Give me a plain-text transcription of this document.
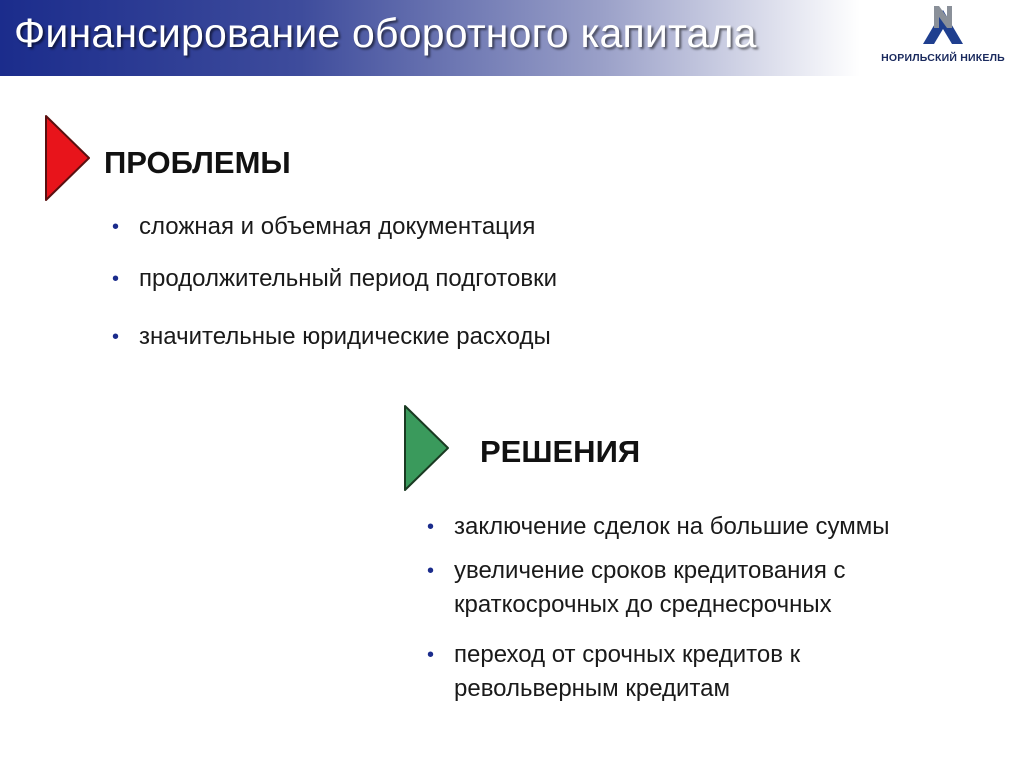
Финансирование оборотного капитала
НОРИЛЬСКИЙ НИКЕЛЬ
ПРОБЛЕМЫ
• сложная и объемная документация
• продолжительный период подготовки
• значительные юридические расходы
РЕШЕНИЯ
• заключение сделок на большие суммы
• увеличение сроков кредитования с краткосрочных до среднесрочных
• переход от срочных кредитов к револьверным кредитам
